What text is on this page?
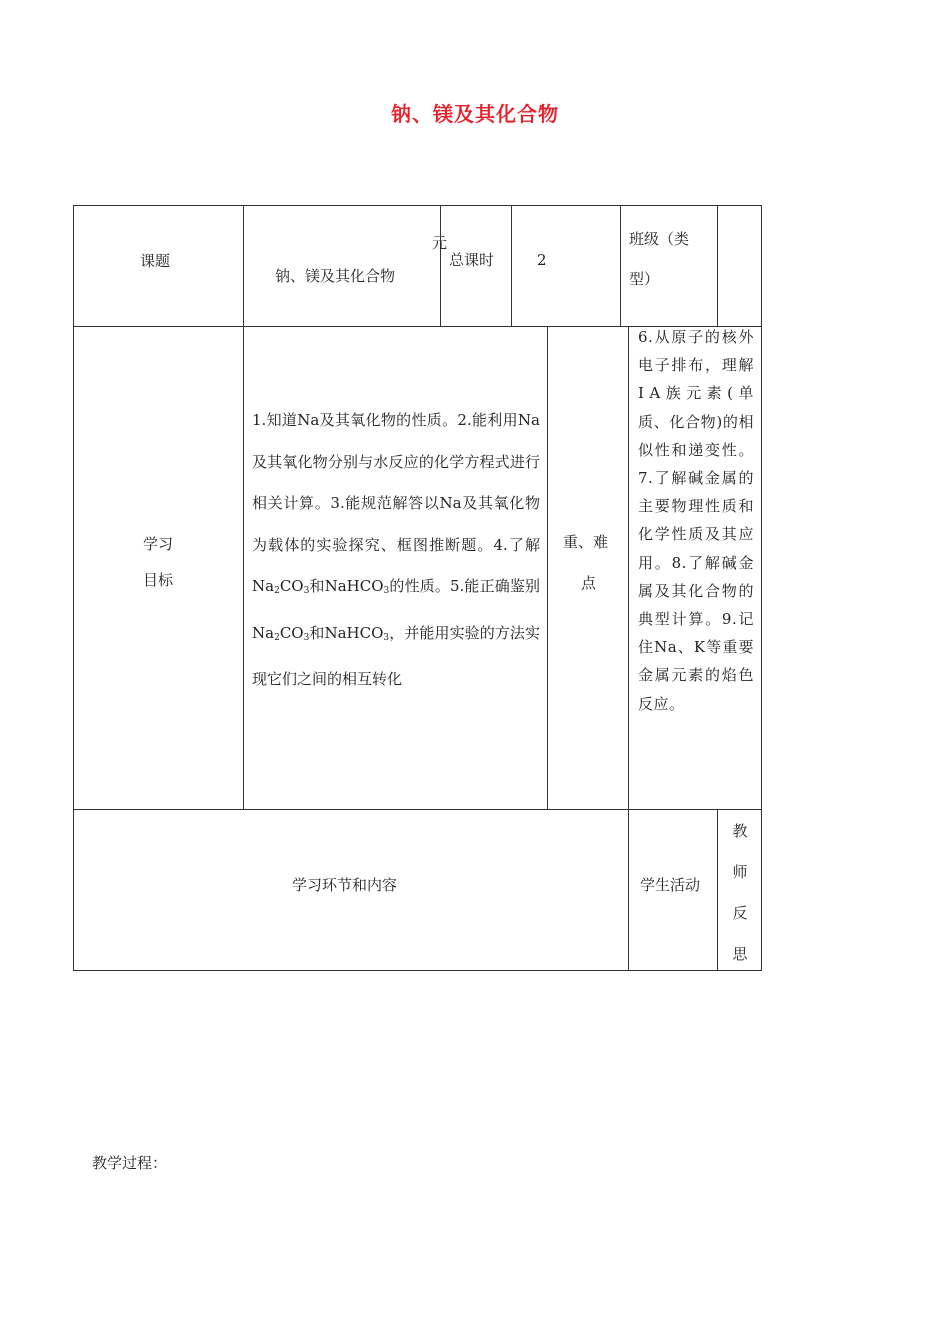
钠、镁及其化合物
课题
钠、镁及其化合物
元
总课时	2
班级（类
型）
学习
目标
1.知道Na及其氧化物的性质。2.能利用Na及其氧化物分别与水反应的化学方程式进行相关计算。3.能规范解答以Na及其氧化物为载体的实验探究、框图推断题。4.了解$Na_2CO_3$和NaHCO$_3$的性质。5.能正确鉴别$Na_2CO_3$和NaHCO$_3$，并能用实验的方法实现它们之间的相互转化
重、难
点
6.从原子的核外电子排布，理解ⅠA族元素(单质、化合物)的相似性和递变性。7.了解碱金属的主要物理性质和化学性质及其应用。8.了解碱金属及其化合物的典型计算。9.记住Na、K等重要金属元素的焰色反应。
学习环节和内容	学生活动
教
师
反
思
教学过程：
